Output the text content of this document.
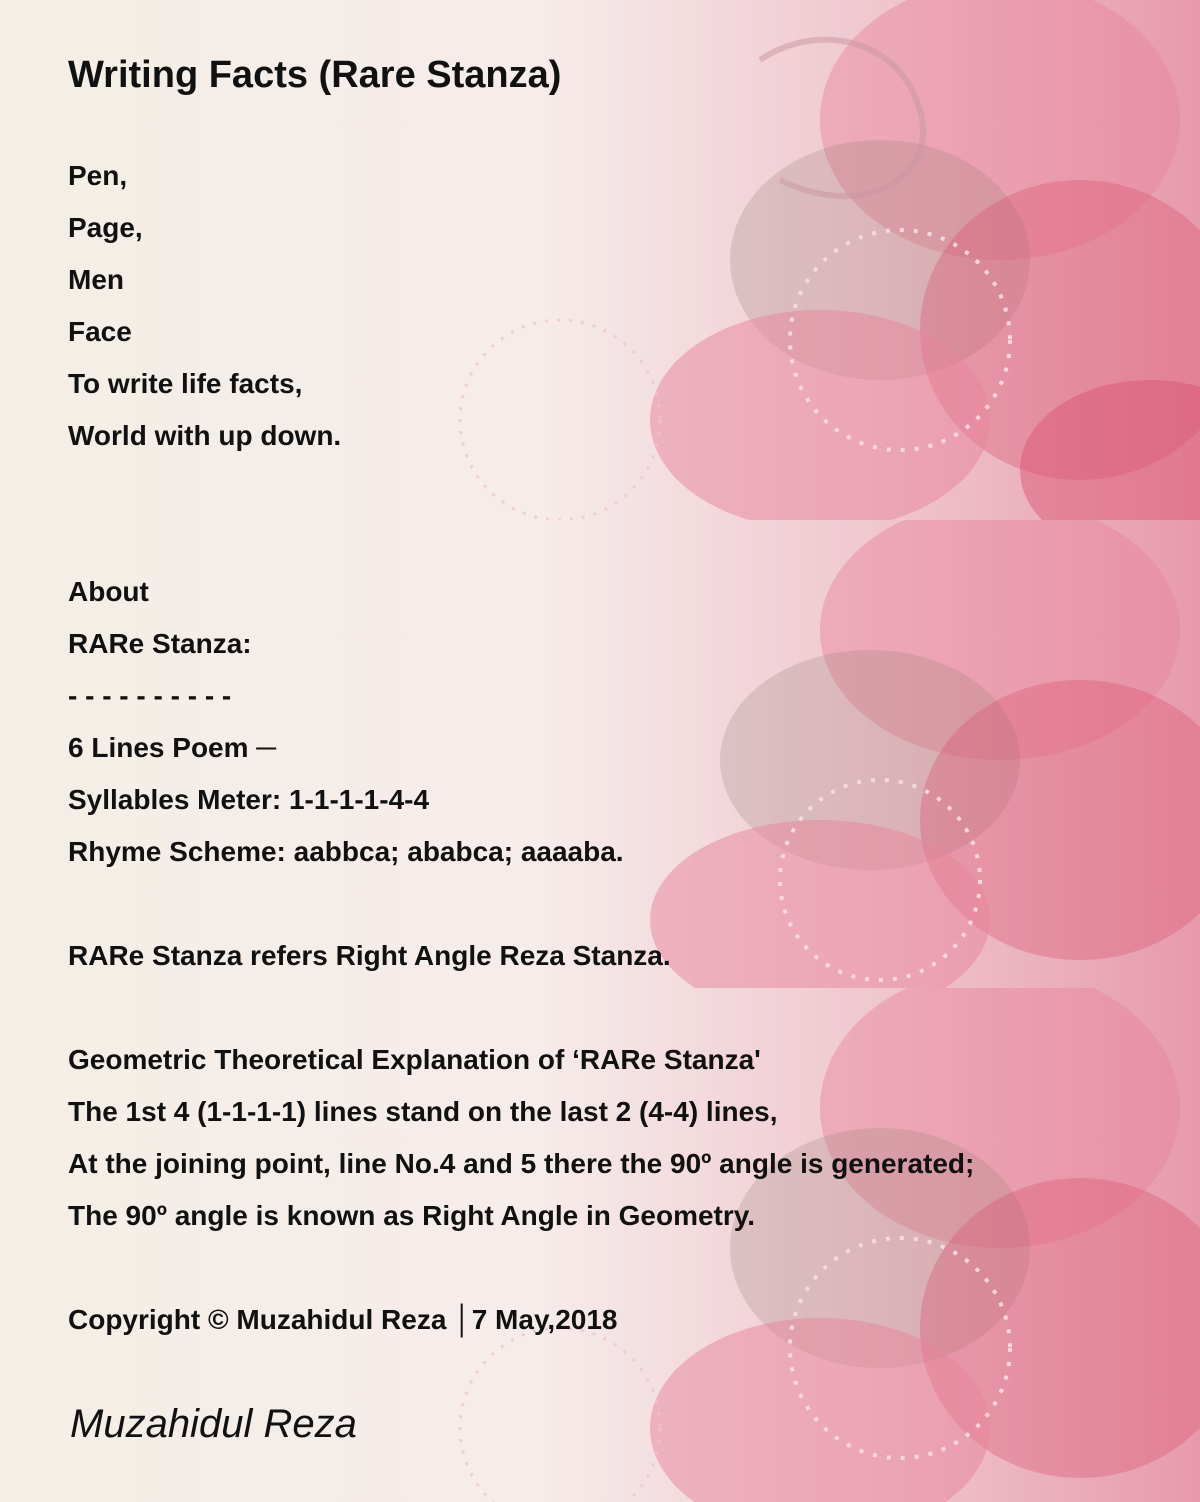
Writing Facts (Rare Stanza)
Pen,
Page,
Men
Face
To write life facts,
World with up down.
About
RARe Stanza:
- - - - - - - - - -
6 Lines Poem ─
Syllables Meter: 1-1-1-1-4-4
Rhyme Scheme: aabbca; ababca; aaaaba.
RARe Stanza refers Right Angle Reza Stanza.
Geometric Theoretical Explanation of ‘RARe Stanza'
The 1st 4 (1-1-1-1) lines stand on the last 2 (4-4) lines,
At the joining point, line No.4 and 5 there the 90º angle is generated;
The 90º angle is known as Right Angle in Geometry.
Copyright © Muzahidul Reza │7 May,2018
Muzahidul Reza
